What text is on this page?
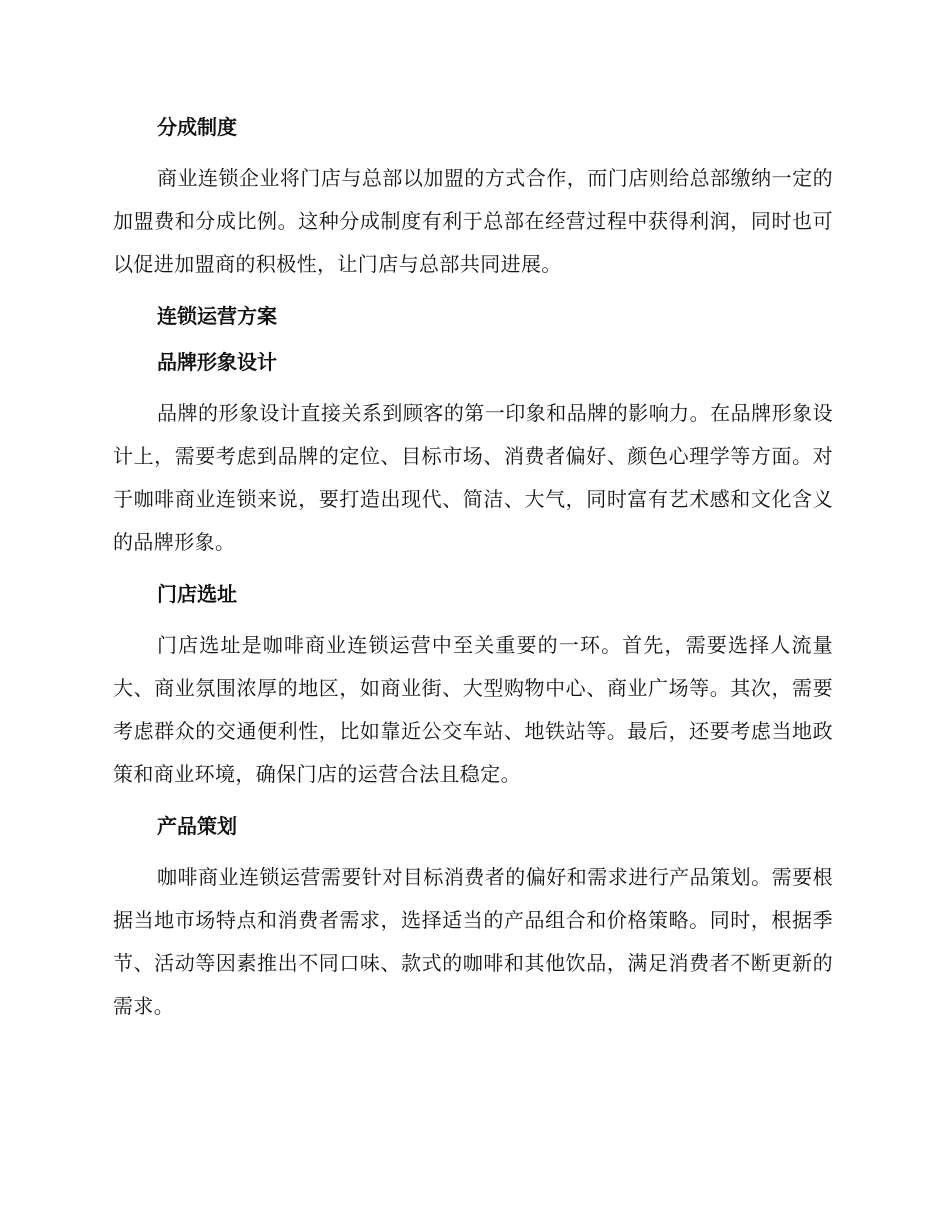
分成制度
商业连锁企业将门店与总部以加盟的方式合作，而门店则给总部缴纳一定的加盟费和分成比例。这种分成制度有利于总部在经营过程中获得利润，同时也可以促进加盟商的积极性，让门店与总部共同进展。
连锁运营方案
品牌形象设计
品牌的形象设计直接关系到顾客的第一印象和品牌的影响力。在品牌形象设计上，需要考虑到品牌的定位、目标市场、消费者偏好、颜色心理学等方面。对于咖啡商业连锁来说，要打造出现代、简洁、大气，同时富有艺术感和文化含义的品牌形象。
门店选址
门店选址是咖啡商业连锁运营中至关重要的一环。首先，需要选择人流量大、商业氛围浓厚的地区，如商业街、大型购物中心、商业广场等。其次，需要考虑群众的交通便利性，比如靠近公交车站、地铁站等。最后，还要考虑当地政策和商业环境，确保门店的运营合法且稳定。
产品策划
咖啡商业连锁运营需要针对目标消费者的偏好和需求进行产品策划。需要根据当地市场特点和消费者需求，选择适当的产品组合和价格策略。同时，根据季节、活动等因素推出不同口味、款式的咖啡和其他饮品，满足消费者不断更新的需求。
